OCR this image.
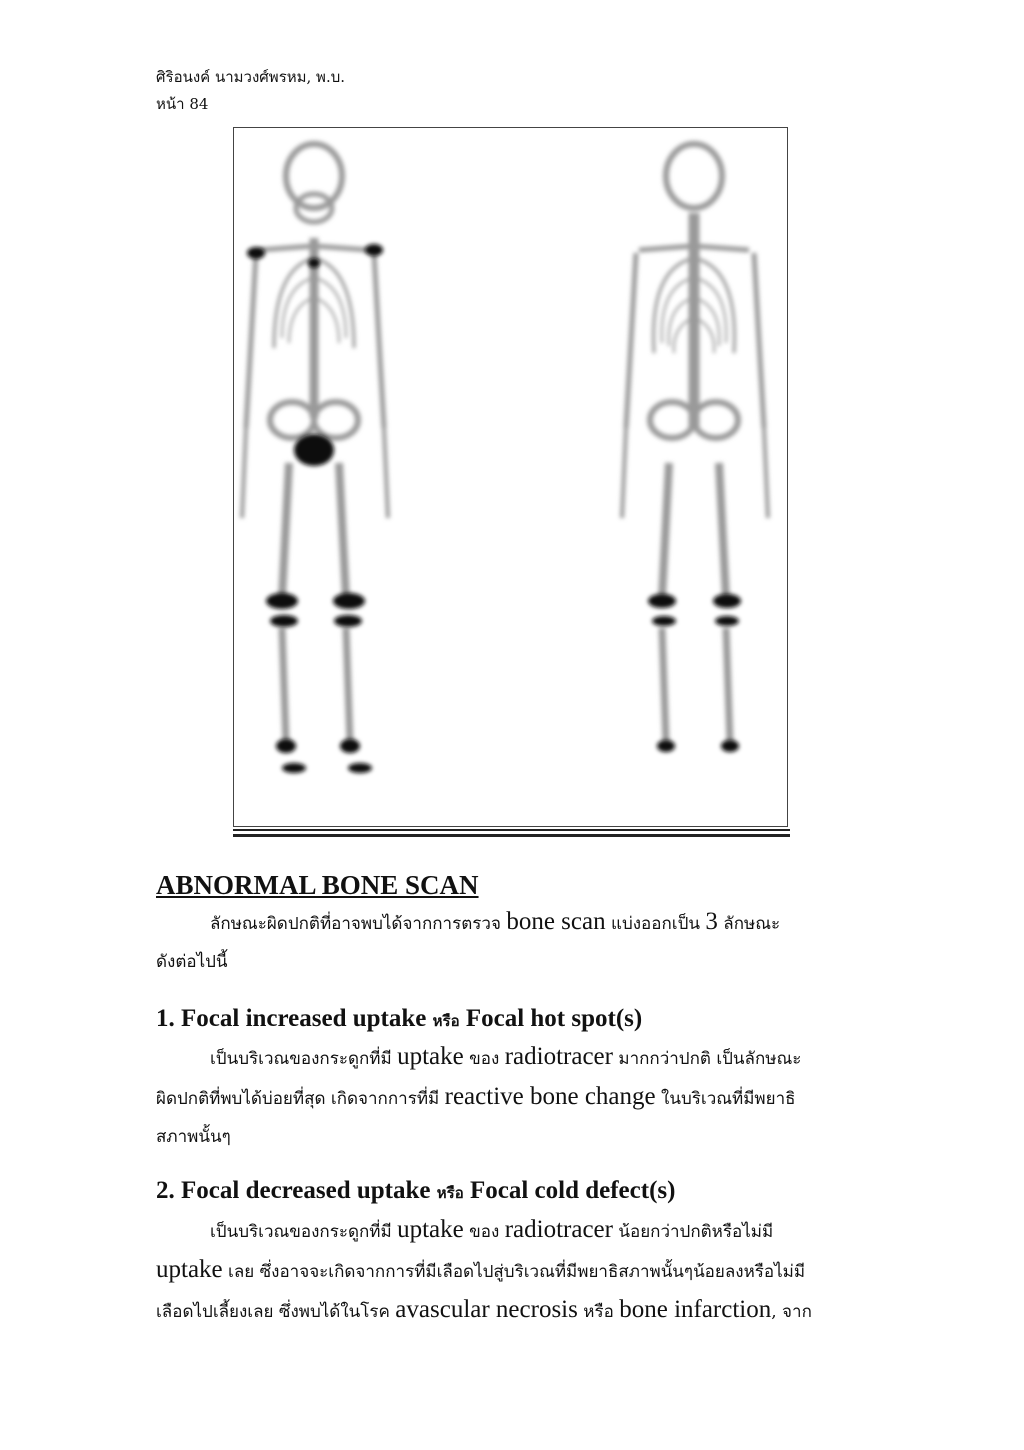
ศิริอนงค์ นามวงศ์พรหม, พ.บ.
หน้า 84
ABNORMAL BONE SCAN
ลักษณะผิดปกติที่อาจพบได้จากการตรวจ bone scan แบ่งออกเป็น 3 ลักษณะ
ดังต่อไปนี้
1. Focal increased uptake หรือ Focal hot spot(s)
เป็นบริเวณของกระดูกที่มี uptake ของ radiotracer มากกว่าปกติ เป็นลักษณะ
ผิดปกติที่พบได้บ่อยที่สุด เกิดจากการที่มี reactive bone change ในบริเวณที่มีพยาธิ
สภาพนั้นๆ
2. Focal decreased uptake หรือ Focal cold defect(s)
เป็นบริเวณของกระดูกที่มี uptake ของ radiotracer น้อยกว่าปกติหรือไม่มี
uptake เลย ซึ่งอาจจะเกิดจากการที่มีเลือดไปสู่บริเวณที่มีพยาธิสภาพนั้นๆน้อยลงหรือไม่มี
เลือดไปเลี้ยงเลย ซึ่งพบได้ในโรค avascular necrosis หรือ bone infarction, จาก
